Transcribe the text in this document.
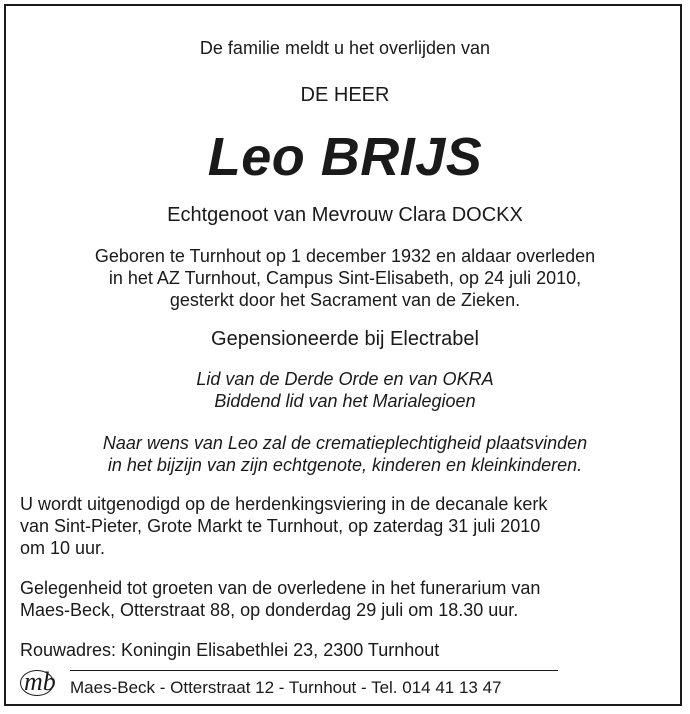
De familie meldt u het overlijden van
DE HEER
Leo BRIJS
Echtgenoot van Mevrouw Clara DOCKX
Geboren te Turnhout op 1 december 1932 en aldaar overleden
in het AZ Turnhout, Campus Sint-Elisabeth, op 24 juli 2010,
gesterkt door het Sacrament van de Zieken.
Gepensioneerde bij Electrabel
Lid van de Derde Orde en van OKRA
Biddend lid van het Marialegioen
Naar wens van Leo zal de crematieplechtigheid plaatsvinden
in het bijzijn van zijn echtgenote, kinderen en kleinkinderen.
U wordt uitgenodigd op de herdenkingsviering in de decanale kerk
van Sint-Pieter, Grote Markt te Turnhout, op zaterdag 31 juli 2010
om 10 uur.
Gelegenheid tot groeten van de overledene in het funerarium van
Maes-Beck, Otterstraat 88, op donderdag 29 juli om 18.30 uur.
Rouwadres: Koningin Elisabethlei 23, 2300 Turnhout
mb Maes-Beck - Otterstraat 12 - Turnhout - Tel. 014 41 13 47
